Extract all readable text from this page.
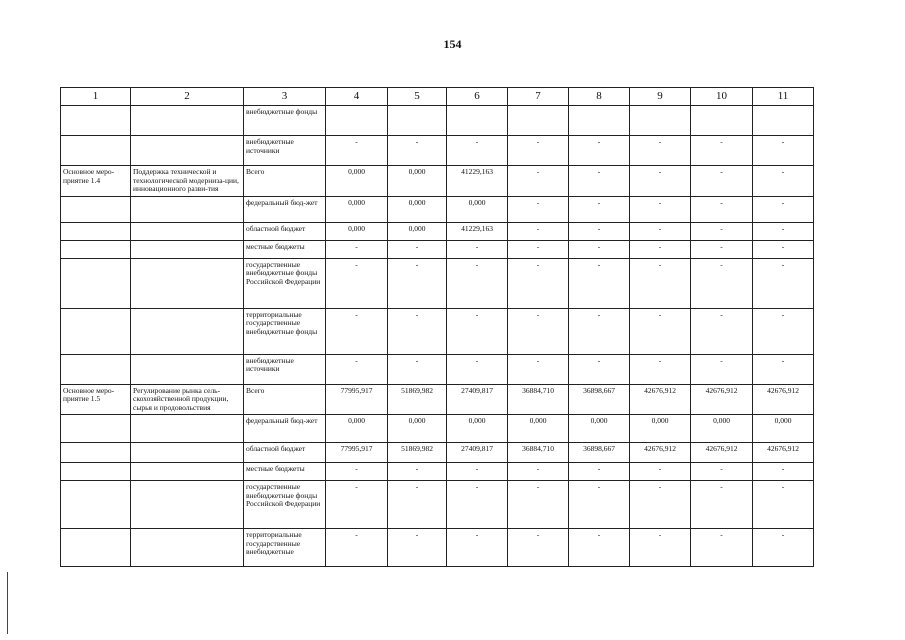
154
1	2	3	4	5	6	7	8	9	10	11
		внебюджетные фонды								
		внебюджетные источники	-	-	-	-	-	-	-	-
Основное меро-приятие 1.4	Поддержка технической и технологической модерниза-ции, инновационного разви-тия	Всего	0,000	0,000	41229,163	-	-	-	-	-
		федеральный бюд-жет	0,000	0,000	0,000	-	-	-	-	-
		областной бюджет	0,000	0,000	41229,163	-	-	-	-	-
		местные бюджеты	-	-	-	-	-	-	-	-
		государственные внебюджетные фонды Российской Федерации	-	-	-	-	-	-	-	-
		территориальные государственные внебюджетные фонды	-	-	-	-	-	-	-	-
		внебюджетные источники	-	-	-	-	-	-	-	-
Основное меро-приятие 1.5	Регулирование рынка сель-скохозяйственной продукции, сырья и продовольствия	Всего	77995,917	51869,982	27409,817	36884,710	36898,667	42676,912	42676,912	42676,912
		федеральный бюд-жет	0,000	0,000	0,000	0,000	0,000	0,000	0,000	0,000
		областной бюджет	77995,917	51869,982	27409,817	36884,710	36898,667	42676,912	42676,912	42676,912
		местные бюджеты	-	-	-	-	-	-	-	-
		государственные внебюджетные фонды Российской Федерации	-	-	-	-	-	-	-	-
		территориальные государственные внебюджетные	-	-	-	-	-	-	-	-
